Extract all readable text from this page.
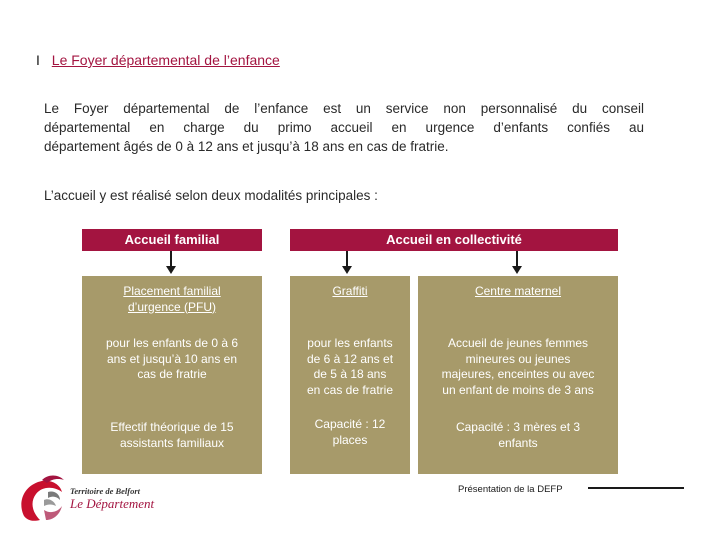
I Le Foyer départemental de l’enfance
Le Foyer départemental de l’enfance est un service non personnalisé du conseil
départemental en charge du primo accueil en urgence d’enfants confiés au
département âgés de 0 à 12 ans et jusqu’à 18 ans en cas de fratrie.
L’accueil y est réalisé selon deux modalités principales :
Accueil familial	Accueil en collectivité
Placement familial
d’urgence (PFU)
pour les enfants de 0 à 6
ans et jusqu’à 10 ans en
cas de fratrie
Effectif théorique de 15
assistants familiaux
Graffiti
pour les enfants
de 6 à 12 ans et
de 5 à 18 ans
en cas de fratrie
Capacité : 12
places
Centre maternel
Accueil de jeunes femmes
mineures ou jeunes
majeures, enceintes ou avec
un enfant de moins de 3 ans
Capacité : 3 mères et 3
enfants
Présentation de la DEFP
Territoire de Belfort
Le Département
